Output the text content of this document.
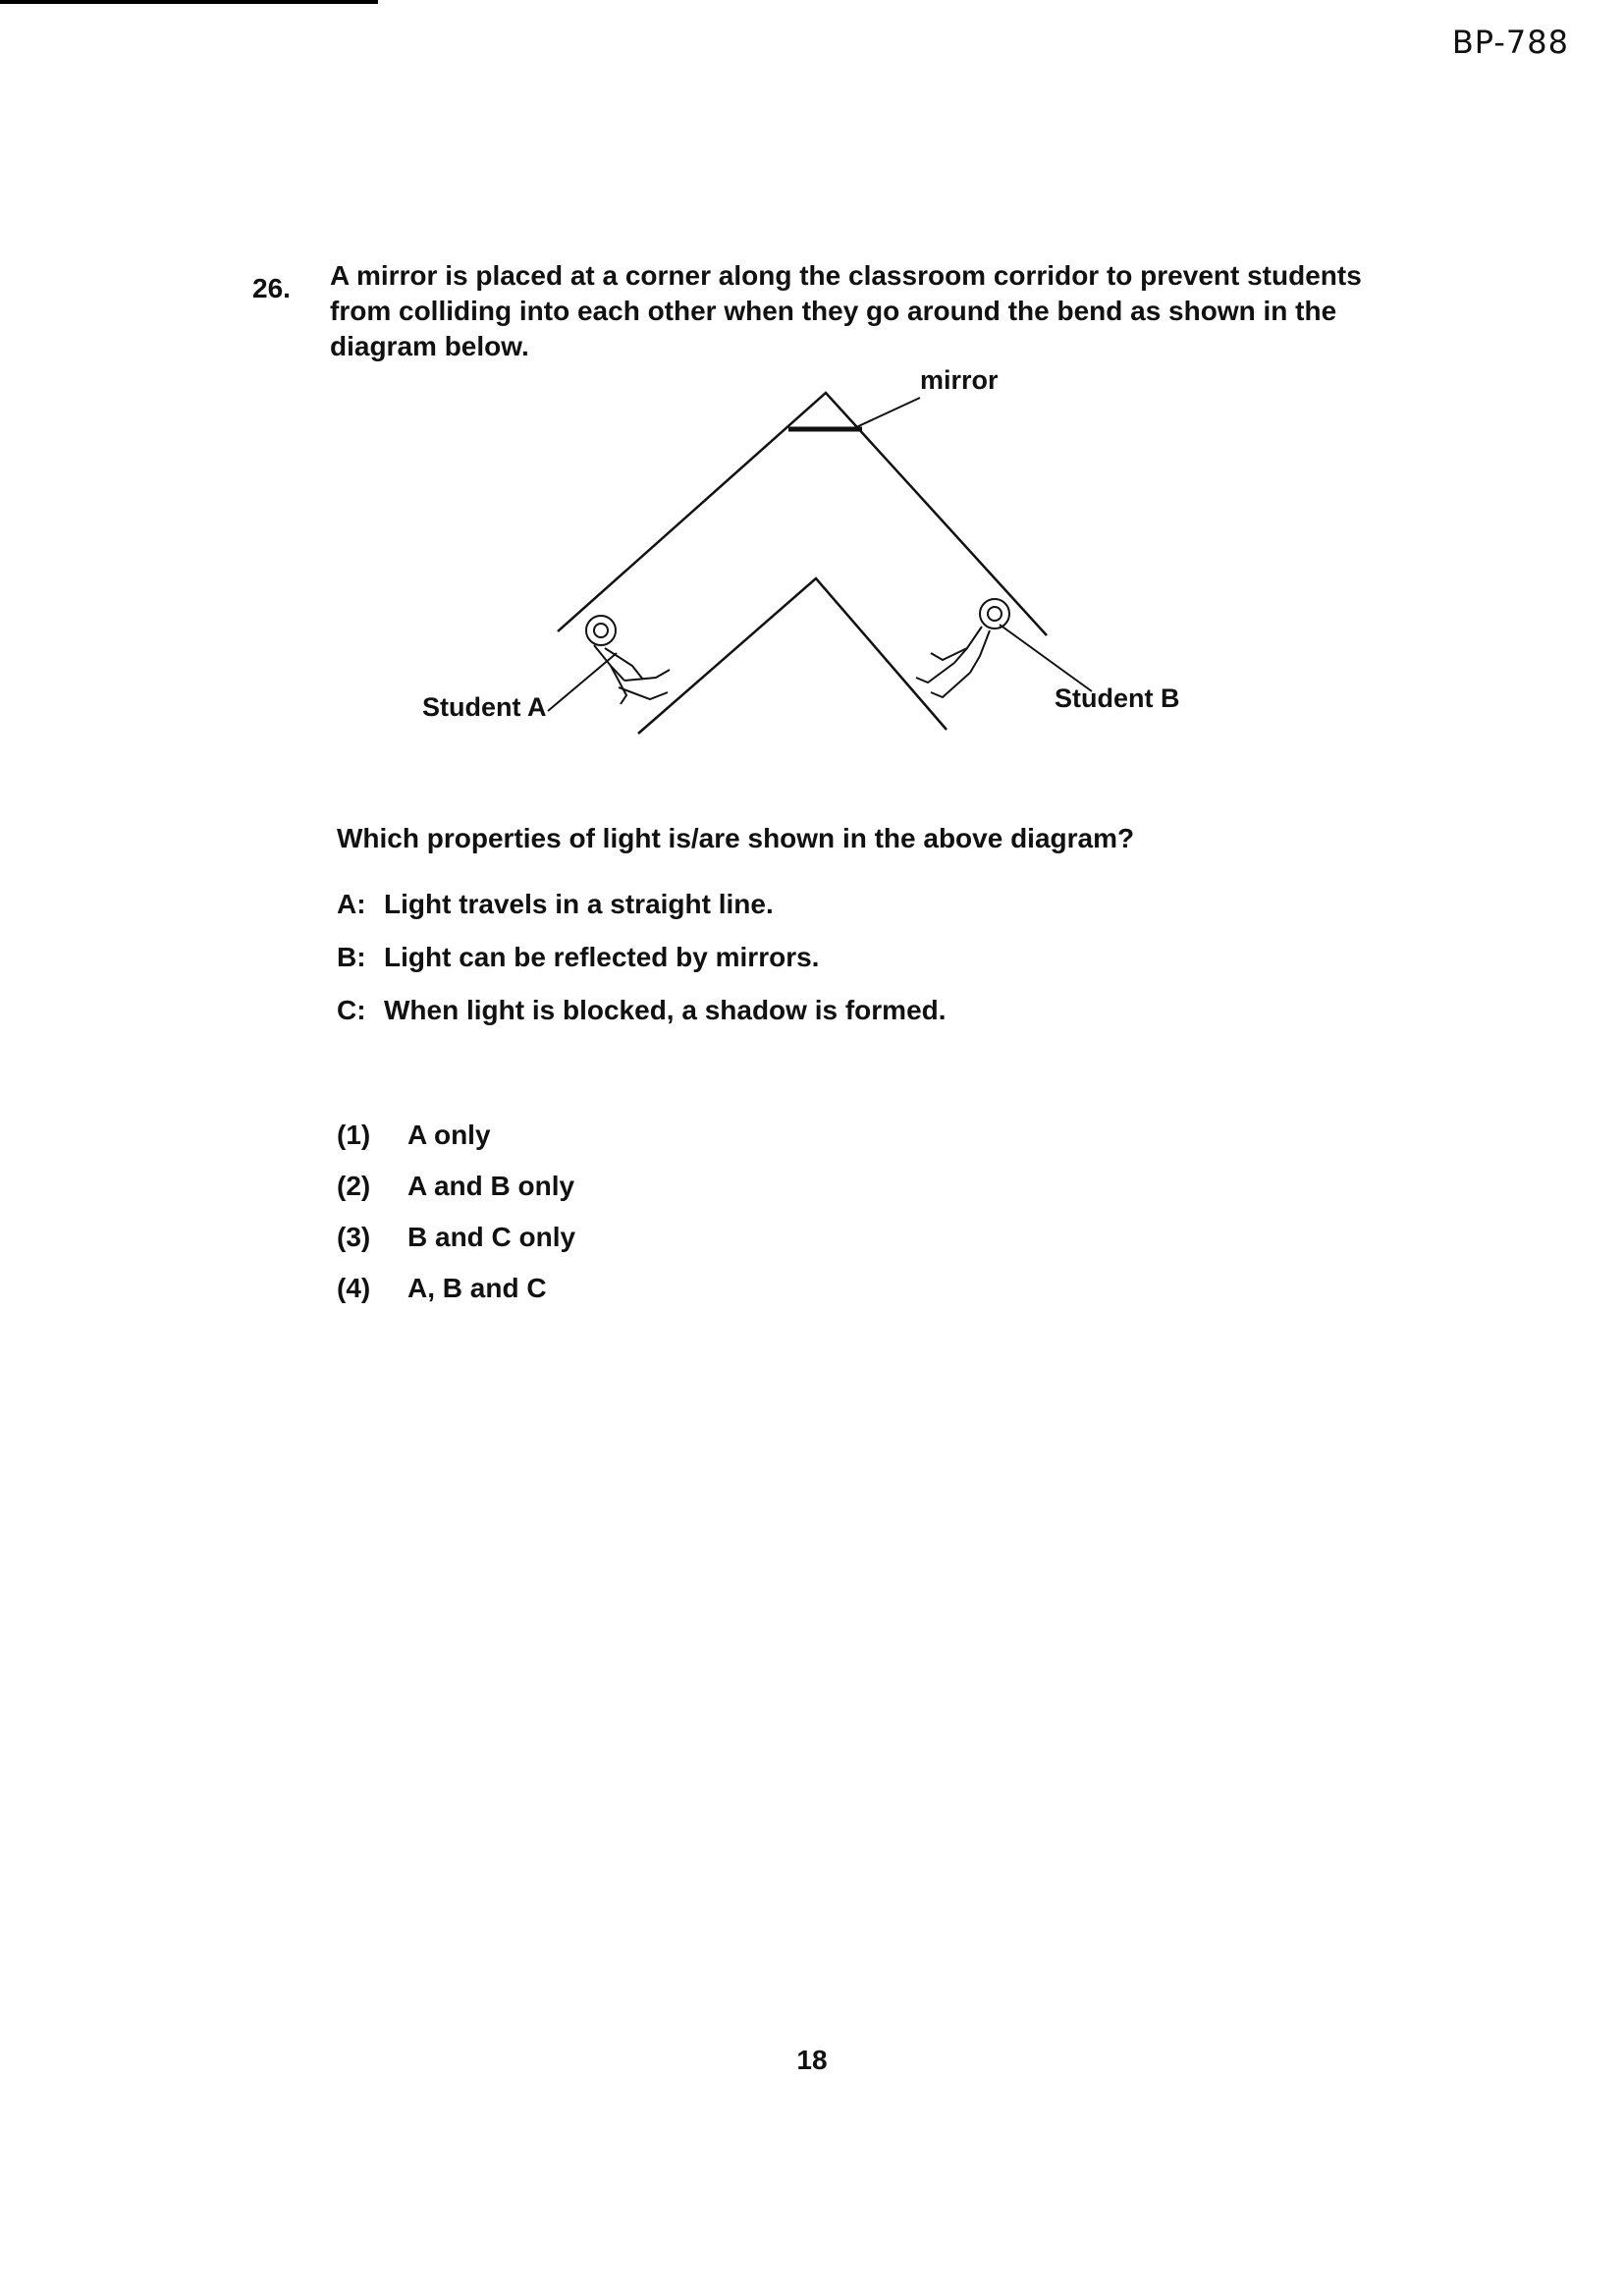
BP-788
26. A mirror is placed at a corner along the classroom corridor to prevent students from colliding into each other when they go around the bend as shown in the diagram below.
mirror
Student A	Student B
Which properties of light is/are shown in the above diagram?
A: Light travels in a straight line.
B: Light can be reflected by mirrors.
C: When light is blocked, a shadow is formed.
(1)	A only
(2)	A and B only
(3)	B and C only
(4)	A, B and C
18
